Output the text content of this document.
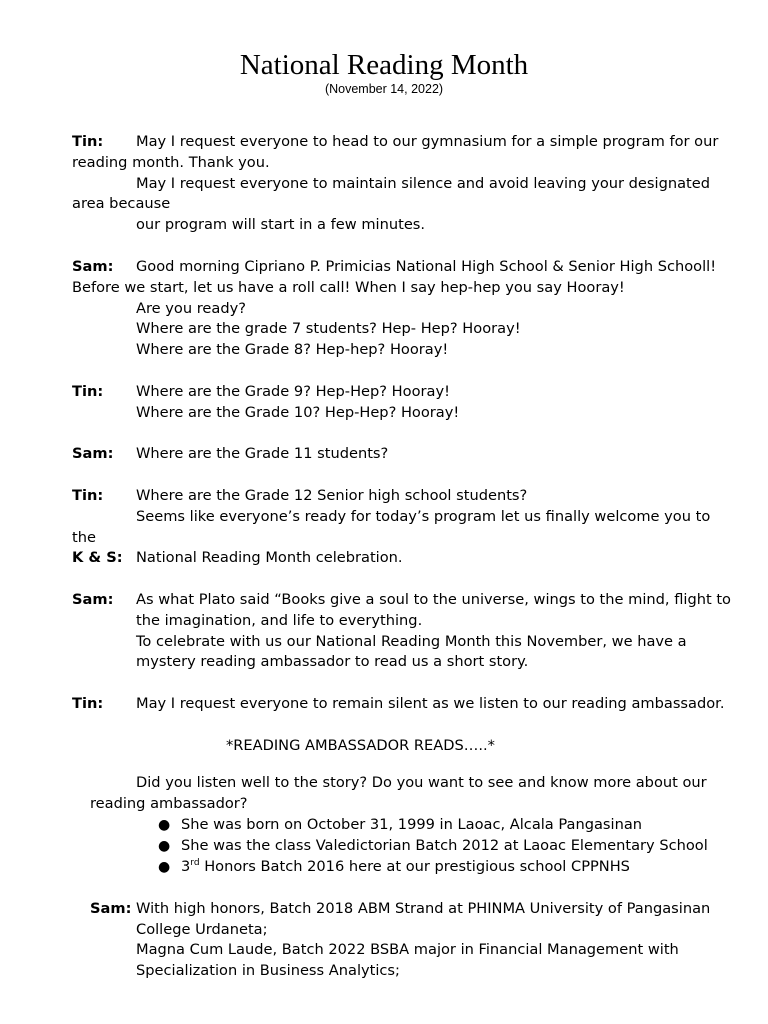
National Reading Month
(November 14, 2022)
Tin: May I request everyone to head to our gymnasium for a simple program for our
reading month. Thank you.
May I request everyone to maintain silence and avoid leaving your designated
area because
our program will start in a few minutes.
Sam: Good morning Cipriano P. Primicias National High School & Senior High Schooll!
Before we start, let us have a roll call! When I say hep-hep you say Hooray!
Are you ready?
Where are the grade 7 students? Hep- Hep? Hooray!
Where are the Grade 8? Hep-hep? Hooray!
Tin: Where are the Grade 9? Hep-Hep? Hooray!
Where are the Grade 10? Hep-Hep? Hooray!
Sam: Where are the Grade 11 students?
Tin: Where are the Grade 12 Senior high school students?
Seems like everyone’s ready for today’s program let us finally welcome you to
the
K & S: National Reading Month celebration.
Sam: As what Plato said “Books give a soul to the universe, wings to the mind, flight to
the imagination, and life to everything.
To celebrate with us our National Reading Month this November, we have a
mystery reading ambassador to read us a short story.
Tin: May I request everyone to remain silent as we listen to our reading ambassador.
*READING AMBASSADOR READS…..*
Did you listen well to the story? Do you want to see and know more about our
reading ambassador?
● She was born on October 31, 1999 in Laoac, Alcala Pangasinan
● She was the class Valedictorian Batch 2012 at Laoac Elementary School
● 3rd Honors Batch 2016 here at our prestigious school CPPNHS
Sam: With high honors, Batch 2018 ABM Strand at PHINMA University of Pangasinan
College Urdaneta;
Magna Cum Laude, Batch 2022 BSBA major in Financial Management with
Specialization in Business Analytics;
